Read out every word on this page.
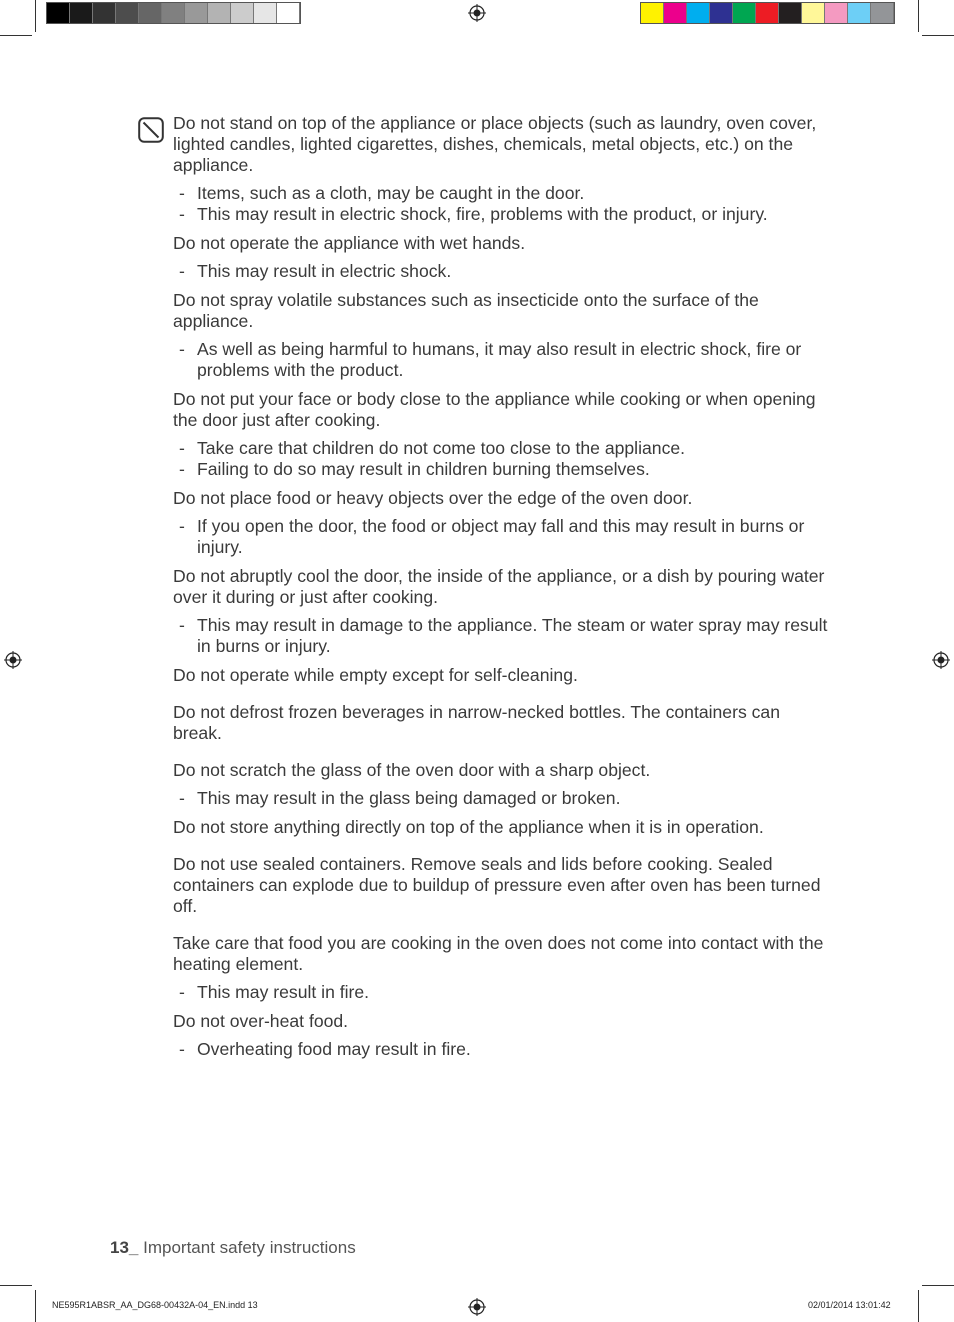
Do not stand on top of the appliance or place objects (such as laundry, oven cover, lighted candles, lighted cigarettes, dishes, chemicals, metal objects, etc.) on the appliance.

- Items, such as a cloth, may be caught in the door.

- This may result in electric shock, fire, problems with the product, or injury.

Do not operate the appliance with wet hands.

- This may result in electric shock.

Do not spray volatile substances such as insecticide onto the surface of the appliance.

- As well as being harmful to humans, it may also result in electric shock, fire or problems with the product.

Do not put your face or body close to the appliance while cooking or when opening the door just after cooking.

- Take care that children do not come too close to the appliance.

- Failing to do so may result in children burning themselves.

Do not place food or heavy objects over the edge of the oven door.

- If you open the door, the food or object may fall and this may result in burns or injury.

Do not abruptly cool the door, the inside of the appliance, or a dish by pouring water over it during or just after cooking.

- This may result in damage to the appliance. The steam or water spray may result in burns or injury.

Do not operate while empty except for self-cleaning.

Do not defrost frozen beverages in narrow-necked bottles. The containers can break.

Do not scratch the glass of the oven door with a sharp object.

- This may result in the glass being damaged or broken.

Do not store anything directly on top of the appliance when it is in operation.

Do not use sealed containers. Remove seals and lids before cooking. Sealed containers can explode due to buildup of pressure even after oven has been turned off.

Take care that food you are cooking in the oven does not come into contact with the heating element.

- This may result in fire.

Do not over-heat food.

- Overheating food may result in fire.

13_ Important safety instructions
NE595R1ABSR_AA_DG68-00432A-04_EN.indd 13	02/01/2014 13:01:42
